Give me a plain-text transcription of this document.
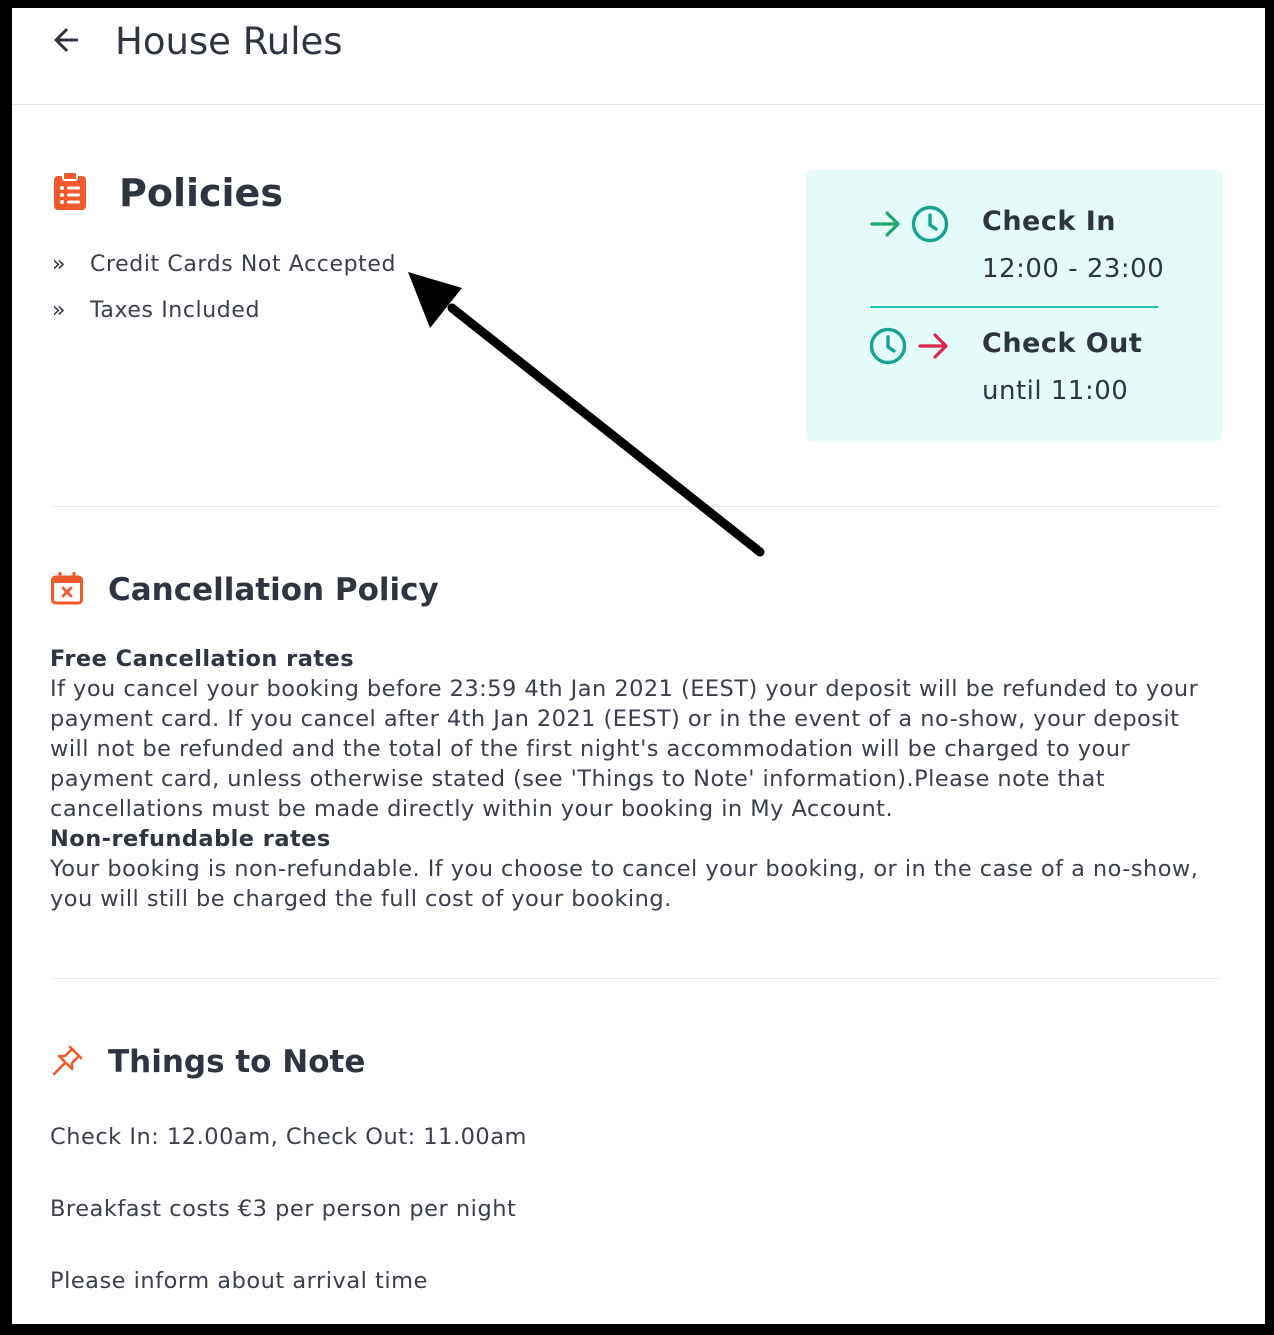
House Rules
Policies
» Credit Cards Not Accepted
» Taxes Included
Check In
12:00 - 23:00
Check Out
until 11:00
Cancellation Policy
Free Cancellation rates

If you cancel your booking before 23:59 4th Jan 2021 (EEST) your deposit will be refunded to your payment card. If you cancel after 4th Jan 2021 (EEST) or in the event of a no-show, your deposit will not be refunded and the total of the first night's accommodation will be charged to your payment card, unless otherwise stated (see 'Things to Note' information).Please note that cancellations must be made directly within your booking in My Account.

Non-refundable rates

Your booking is non-refundable. If you choose to cancel your booking, or in the case of a no-show, you will still be charged the full cost of your booking.

Things to Note
Check In: 12.00am, Check Out: 11.00am
Breakfast costs €3 per person per night
Please inform about arrival time
